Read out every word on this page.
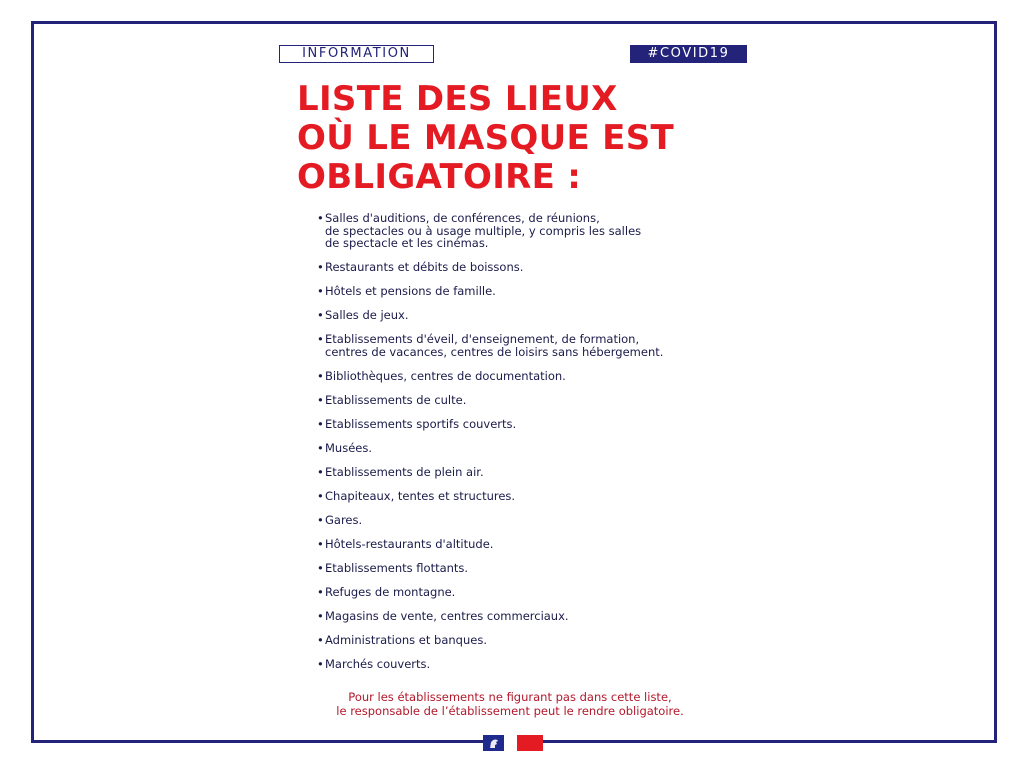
INFORMATION	#COVID19
LISTE DES LIEUX
OÙ LE MASQUE EST
OBLIGATOIRE :
• Salles d'auditions, de conférences, de réunions,
de spectacles ou à usage multiple, y compris les salles
de spectacle et les cinémas.
• Restaurants et débits de boissons.
• Hôtels et pensions de famille.
• Salles de jeux.
• Etablissements d'éveil, d'enseignement, de formation,
centres de vacances, centres de loisirs sans hébergement.
• Bibliothèques, centres de documentation.
• Etablissements de culte.
• Etablissements sportifs couverts.
• Musées.
• Etablissements de plein air.
• Chapiteaux, tentes et structures.
• Gares.
• Hôtels-restaurants d'altitude.
• Etablissements flottants.
• Refuges de montagne.
• Magasins de vente, centres commerciaux.
• Administrations et banques.
• Marchés couverts.

Pour les établissements ne figurant pas dans cette liste,
le responsable de l’établissement peut le rendre obligatoire.
